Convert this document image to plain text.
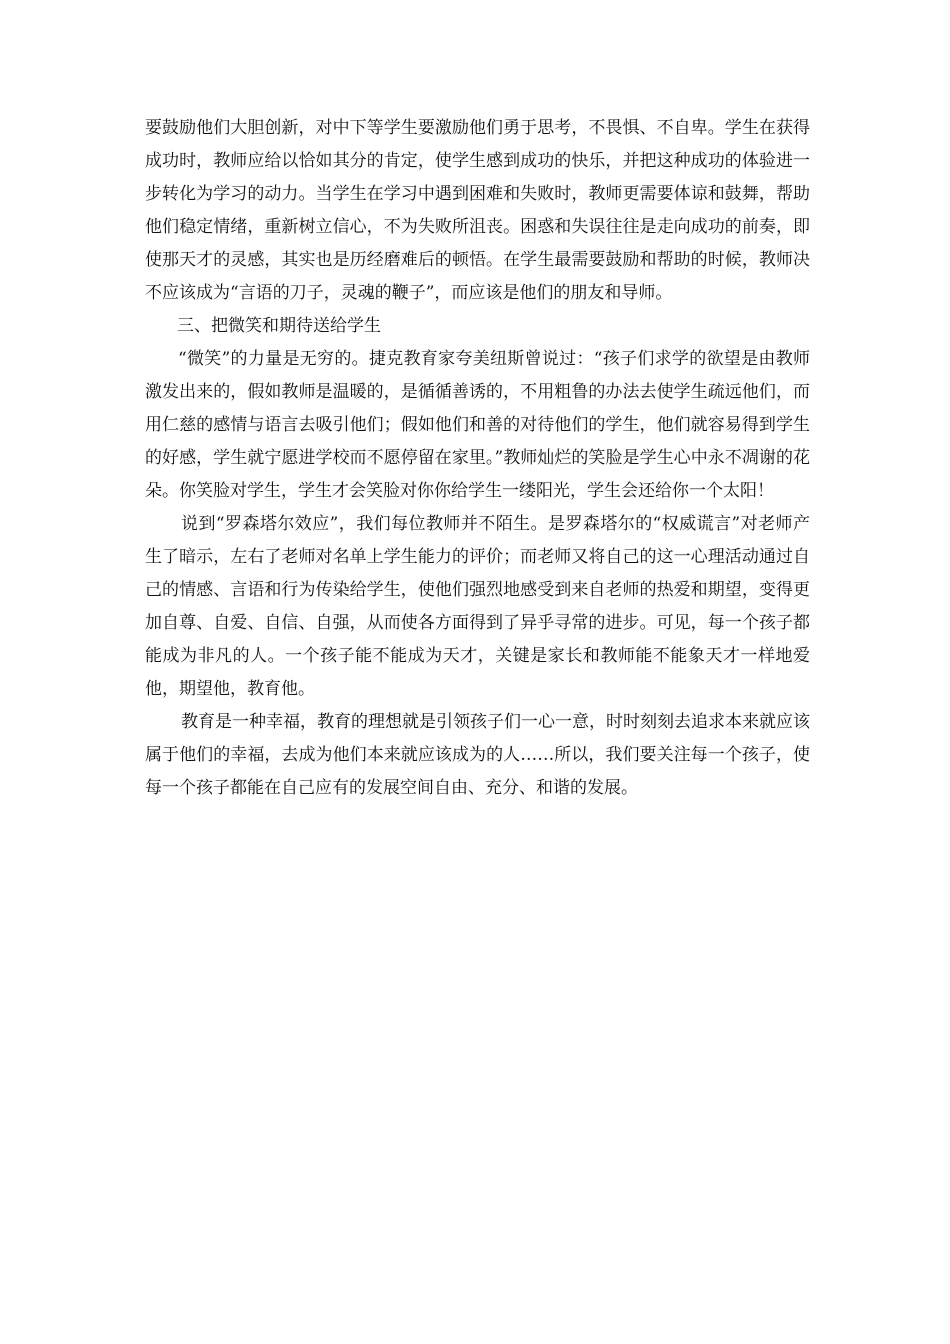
要鼓励他们大胆创新，对中下等学生要激励他们勇于思考，不畏惧、不自卑。学生在获得成功时，教师应给以恰如其分的肯定，使学生感到成功的快乐，并把这种成功的体验进一步转化为学习的动力。当学生在学习中遇到困难和失败时，教师更需要体谅和鼓舞，帮助他们稳定情绪，重新树立信心，不为失败所沮丧。困惑和失误往往是走向成功的前奏，即使那天才的灵感，其实也是历经磨难后的顿悟。在学生最需要鼓励和帮助的时候，教师决不应该成为“言语的刀子，灵魂的鞭子”，而应该是他们的朋友和导师。

三、把微笑和期待送给学生

“微笑”的力量是无穷的。捷克教育家夸美纽斯曾说过：“孩子们求学的欲望是由教师激发出来的，假如教师是温暖的，是循循善诱的，不用粗鲁的办法去使学生疏远他们，而用仁慈的感情与语言去吸引他们；假如他们和善的对待他们的学生，他们就容易得到学生的好感，学生就宁愿进学校而不愿停留在家里。”教师灿烂的笑脸是学生心中永不凋谢的花朵。你笑脸对学生，学生才会笑脸对你你给学生一缕阳光，学生会还给你一个太阳！

说到“罗森塔尔效应”，我们每位教师并不陌生。是罗森塔尔的“权威谎言”对老师产生了暗示，左右了老师对名单上学生能力的评价；而老师又将自己的这一心理活动通过自己的情感、言语和行为传染给学生，使他们强烈地感受到来自老师的热爱和期望，变得更加自尊、自爱、自信、自强，从而使各方面得到了异乎寻常的进步。可见，每一个孩子都能成为非凡的人。一个孩子能不能成为天才，关键是家长和教师能不能象天才一样地爱他，期望他，教育他。

教育是一种幸福，教育的理想就是引领孩子们一心一意，时时刻刻去追求本来就应该属于他们的幸福，去成为他们本来就应该成为的人……所以，我们要关注每一个孩子，使每一个孩子都能在自己应有的发展空间自由、充分、和谐的发展。
